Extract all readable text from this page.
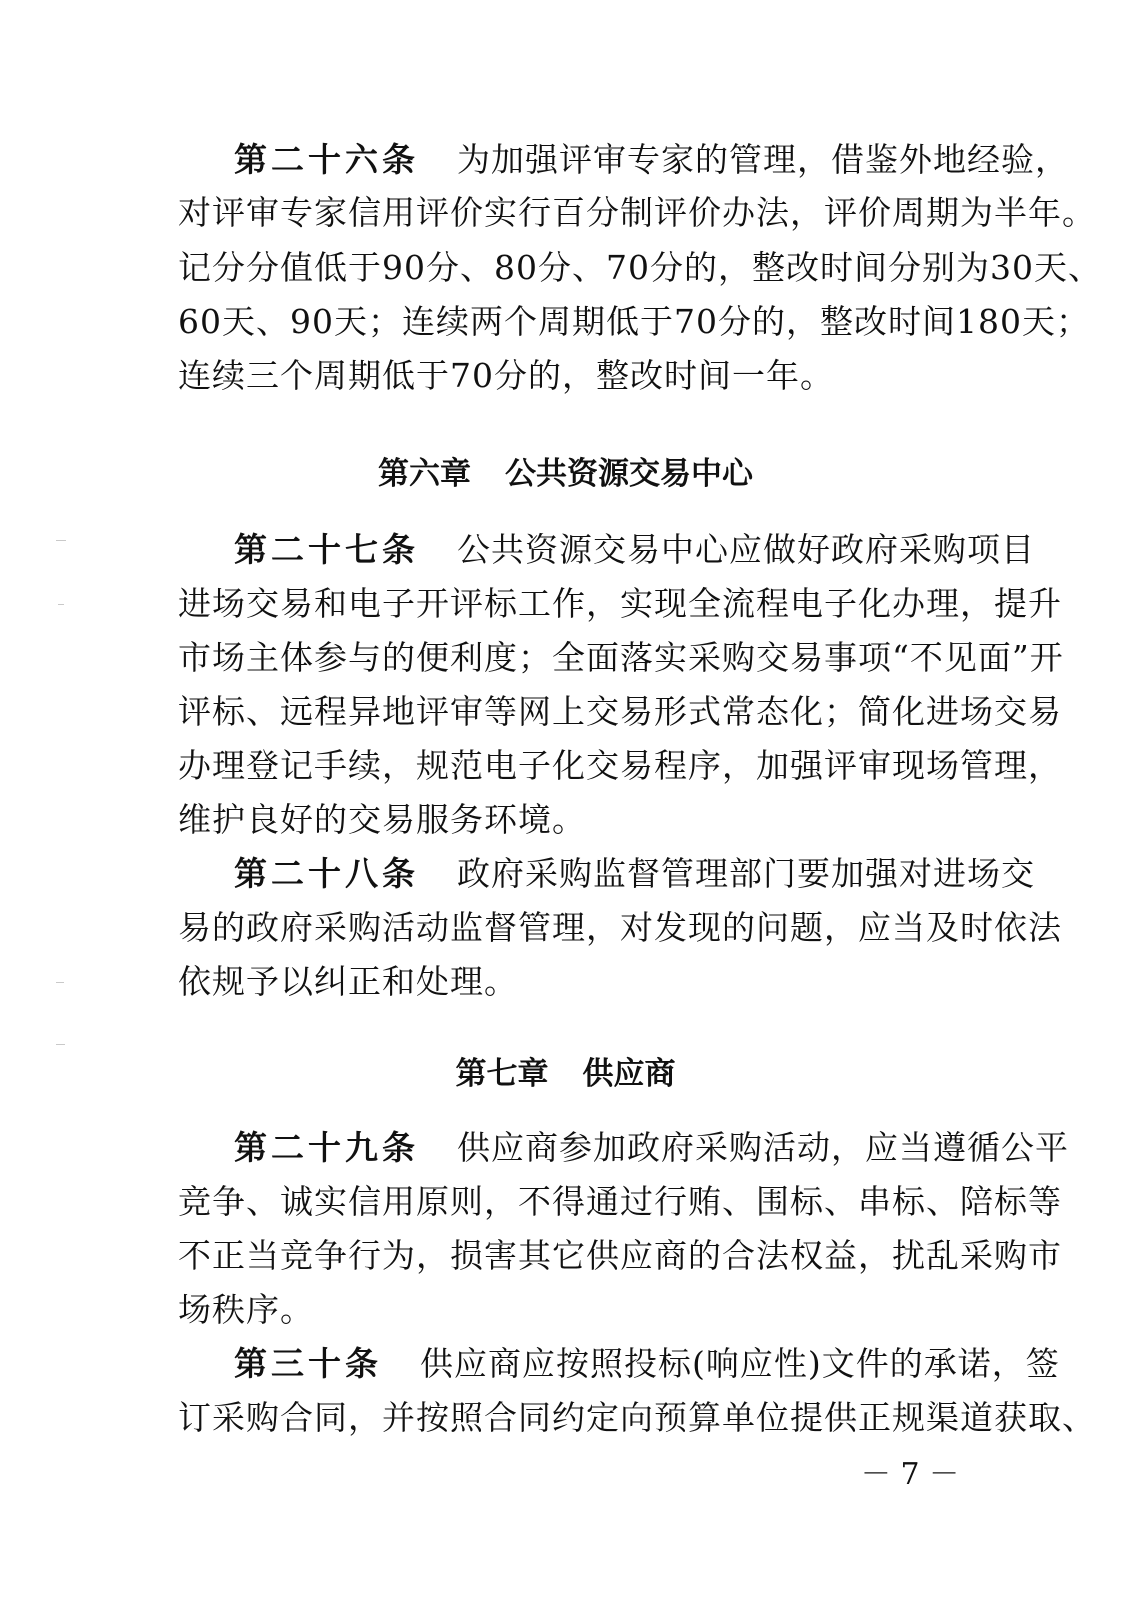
第二十六条 为加强评审专家的管理，借鉴外地经验，
对评审专家信用评价实行百分制评价办法，评价周期为半年。
记分分值低于90分、80分、70分的，整改时间分别为30天、
60天、90天；连续两个周期低于70分的，整改时间180天；
连续三个周期低于70分的，整改时间一年。
第六章 公共资源交易中心
第二十七条 公共资源交易中心应做好政府采购项目
进场交易和电子开评标工作，实现全流程电子化办理，提升
市场主体参与的便利度；全面落实采购交易事项“不见面”开
评标、远程异地评审等网上交易形式常态化；简化进场交易
办理登记手续，规范电子化交易程序，加强评审现场管理，
维护良好的交易服务环境。
第二十八条 政府采购监督管理部门要加强对进场交
易的政府采购活动监督管理，对发现的问题，应当及时依法
依规予以纠正和处理。
第七章 供应商
第二十九条 供应商参加政府采购活动，应当遵循公平
竞争、诚实信用原则，不得通过行贿、围标、串标、陪标等
不正当竞争行为，损害其它供应商的合法权益，扰乱采购市
场秩序。
第三十条 供应商应按照投标(响应性)文件的承诺，签
订采购合同，并按照合同约定向预算单位提供正规渠道获取、
－ 7 －
